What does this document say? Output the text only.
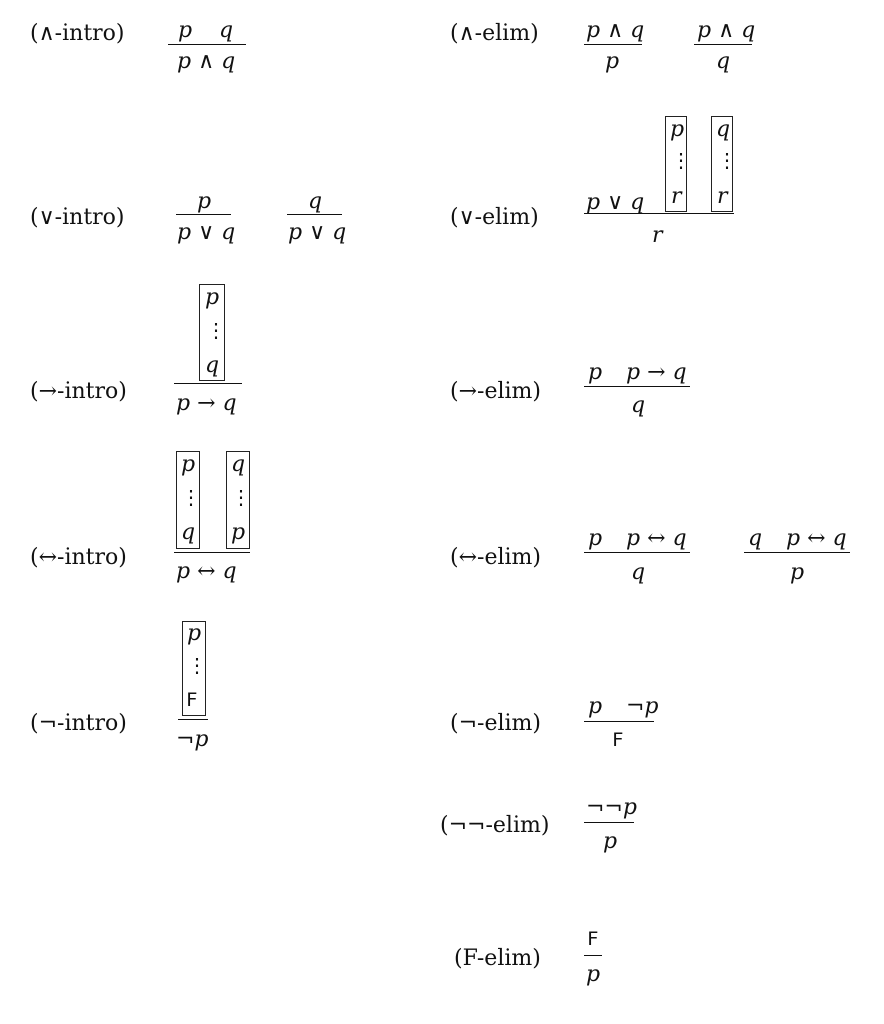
(∧-intro) p q
p ∧ q
(∧-elim) p ∧ q
p
p ∧ q
q
(∨-intro)
p
p ∨ q
q
p ∨ q
(∨-elim)
p ∨ q
p
⋮
r
q
⋮
r
r
(→-intro)
p
⋮
q
p → q	(→-elim)
p p → q
q
(↔-intro)
p
⋮
q
q
⋮
p
p ↔ q
(↔-elim)
p p ↔ q
q
q p ↔ q
p
(¬-intro)
p
⋮
F
¬p
(¬-elim)
p ¬p
F
(¬¬-elim)
¬¬p
p
(F-elim)
F
p
